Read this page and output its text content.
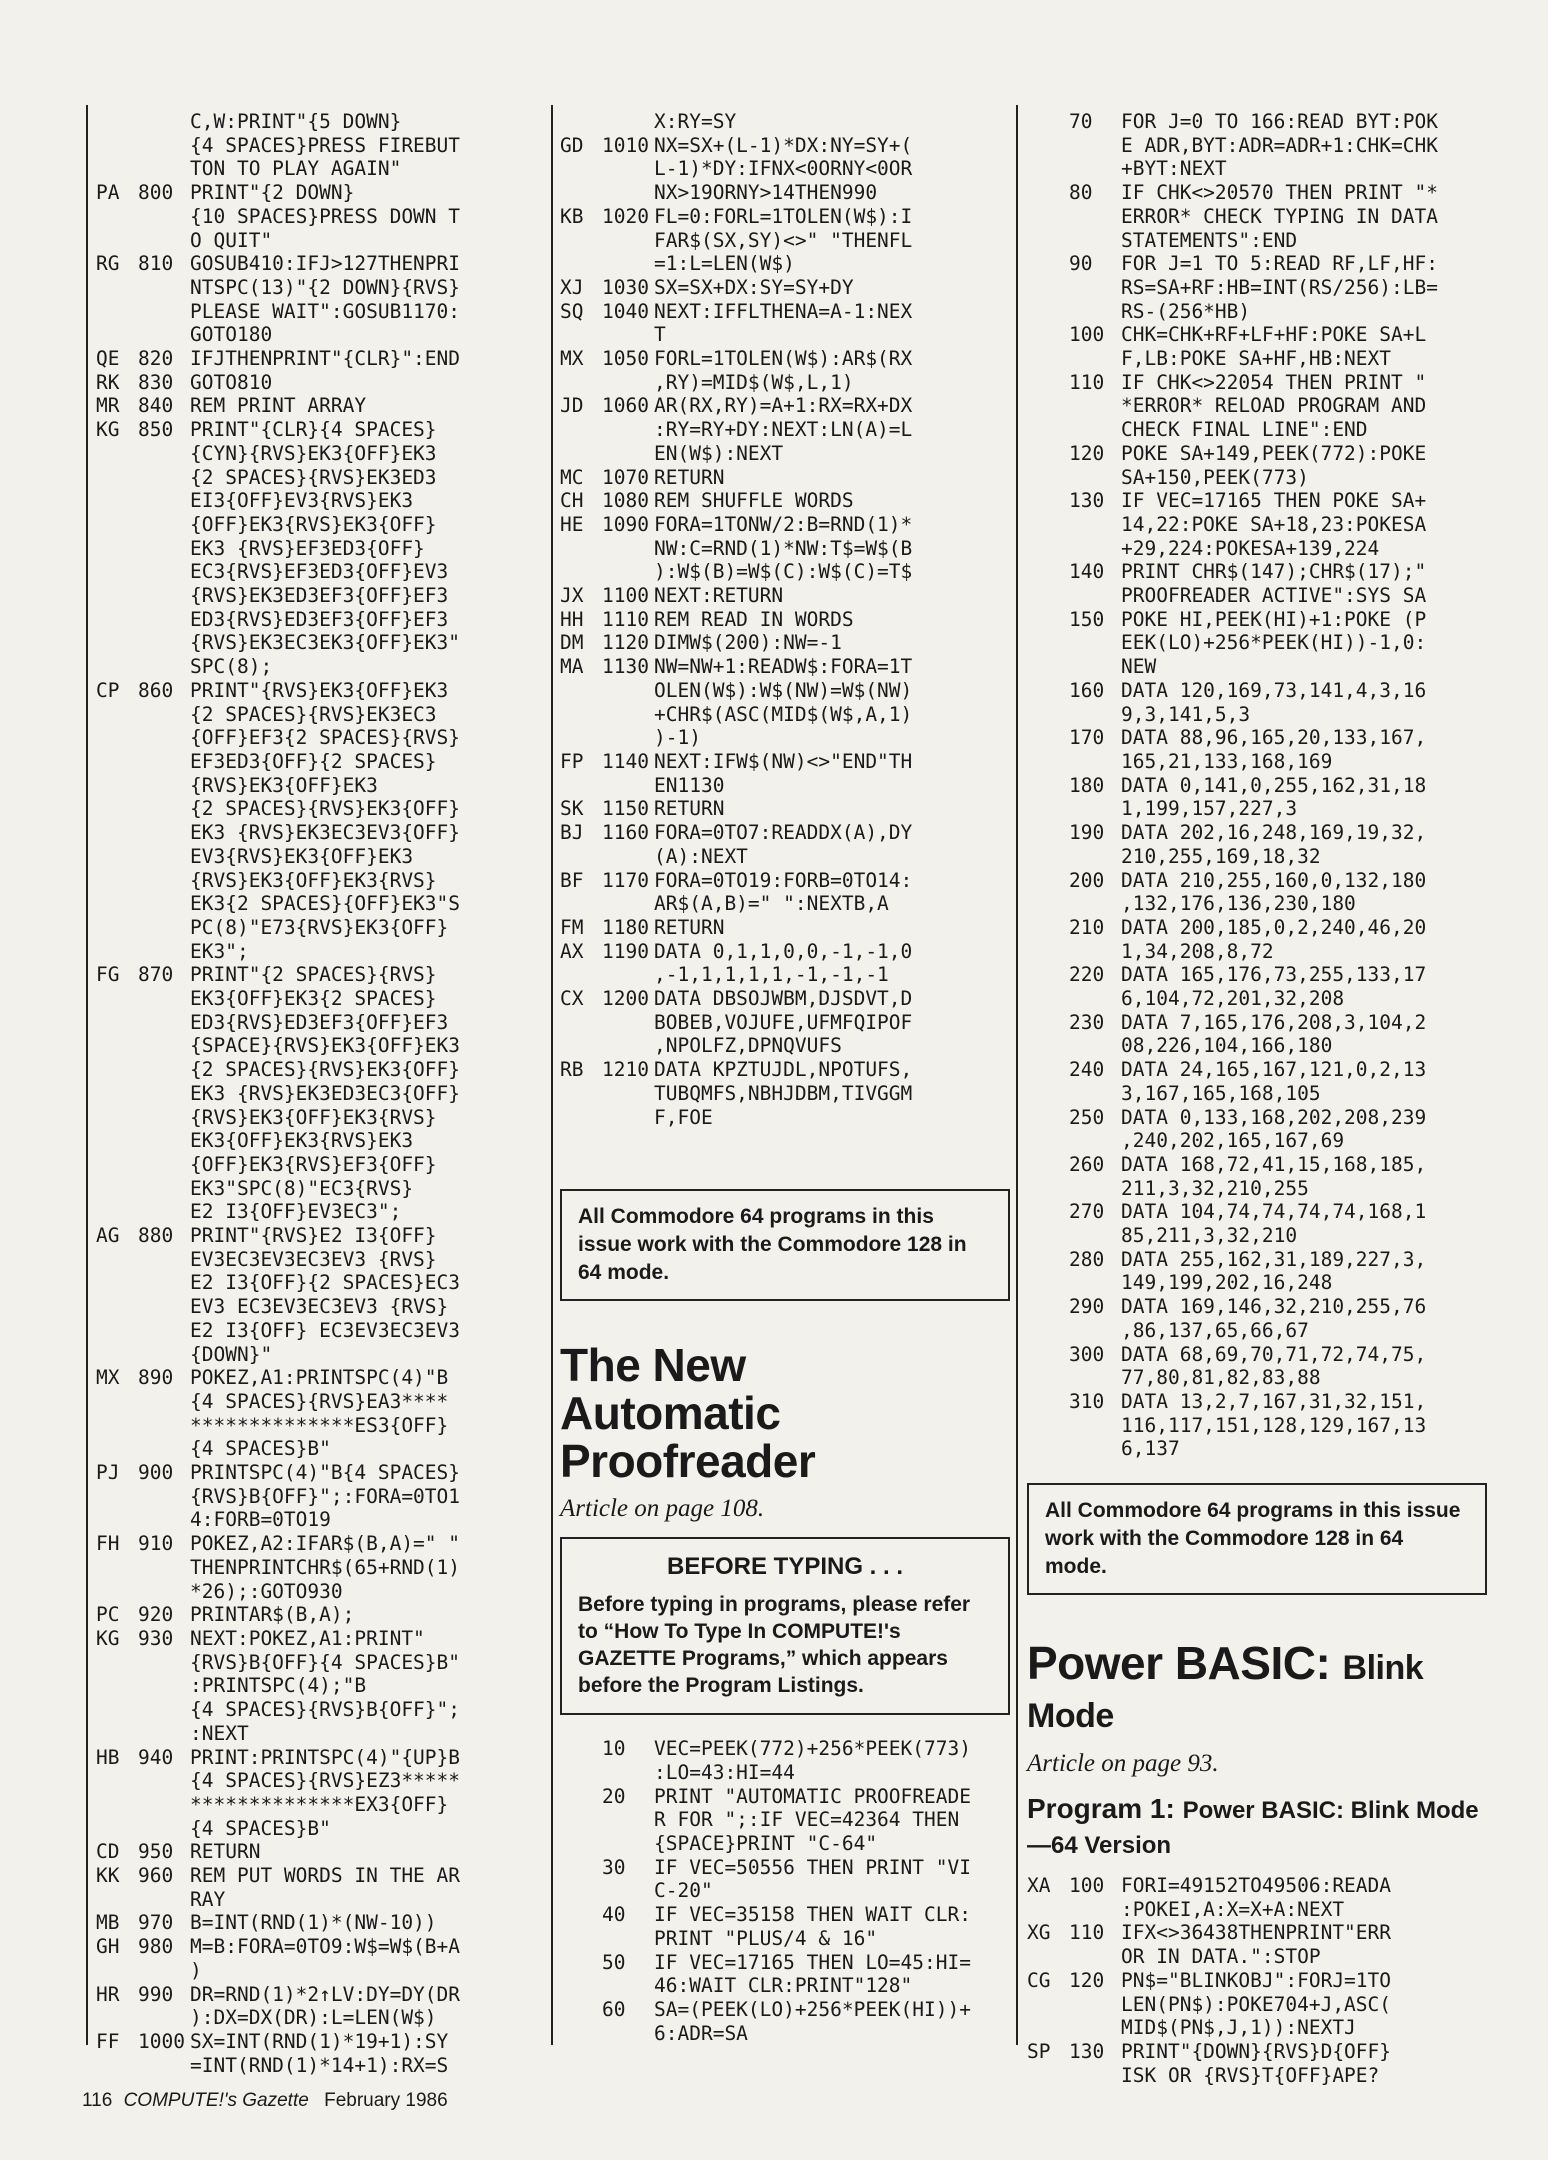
C,W:PRINT"{5 DOWN}
{4 SPACES}PRESS FIREBUT
TON TO PLAY AGAIN"
PA 800 PRINT"{2 DOWN}
{10 SPACES}PRESS DOWN T
O QUIT"
RG 810 GOSUB410:IFJ>127THENPRI
NTSPC(13)"{2 DOWN}{RVS}
PLEASE WAIT":GOSUB1170:
GOTO180
QE 820 IFJTHENPRINT"{CLR}":END
RK 830 GOTO810
MR 840 REM PRINT ARRAY
KG 850 PRINT"{CLR}{4 SPACES}
{CYN}{RVS}EK3{OFF}EK3
{2 SPACES}{RVS}EK3ED3
EI3{OFF}EV3{RVS}EK3
{OFF}EK3{RVS}EK3{OFF}
EK3 {RVS}EF3ED3{OFF}
EC3{RVS}EF3ED3{OFF}EV3
{RVS}EK3ED3EF3{OFF}EF3
ED3{RVS}ED3EF3{OFF}EF3
{RVS}EK3EC3EK3{OFF}EK3"
SPC(8);
CP 860 PRINT"{RVS}EK3{OFF}EK3
{2 SPACES}{RVS}EK3EC3
{OFF}EF3{2 SPACES}{RVS}
EF3ED3{OFF}{2 SPACES}
{RVS}EK3{OFF}EK3
{2 SPACES}{RVS}EK3{OFF}
EK3 {RVS}EK3EC3EV3{OFF}
EV3{RVS}EK3{OFF}EK3
{RVS}EK3{OFF}EK3{RVS}
EK3{2 SPACES}{OFF}EK3"S
PC(8)"E73{RVS}EK3{OFF}
EK3";
FG 870 PRINT"{2 SPACES}{RVS}
EK3{OFF}EK3{2 SPACES}
ED3{RVS}ED3EF3{OFF}EF3
{SPACE}{RVS}EK3{OFF}EK3
{2 SPACES}{RVS}EK3{OFF}
EK3 {RVS}EK3ED3EC3{OFF}
{RVS}EK3{OFF}EK3{RVS}
EK3{OFF}EK3{RVS}EK3
{OFF}EK3{RVS}EF3{OFF}
EK3"SPC(8)"EC3{RVS}
E2 I3{OFF}EV3EC3";
AG 880 PRINT"{RVS}E2 I3{OFF}
EV3EC3EV3EC3EV3 {RVS}
E2 I3{OFF}{2 SPACES}EC3
EV3 EC3EV3EC3EV3 {RVS}
E2 I3{OFF} EC3EV3EC3EV3
{DOWN}"
MX 890 POKEZ,A1:PRINTSPC(4)"B
{4 SPACES}{RVS}EA3****
**************ES3{OFF}
{4 SPACES}B"
PJ 900 PRINTSPC(4)"B{4 SPACES}
{RVS}B{OFF}";:FORA=0TO1
4:FORB=0TO19
FH 910 POKEZ,A2:IFAR$(B,A)=" "
THENPRINTCHR$(65+RND(1)
*26);:GOTO930
PC 920 PRINTAR$(B,A);
KG 930 NEXT:POKEZ,A1:PRINT"
{RVS}B{OFF}{4 SPACES}B"
:PRINTSPC(4);"B
{4 SPACES}{RVS}B{OFF}";
:NEXT
HB 940 PRINT:PRINTSPC(4)"{UP}B
{4 SPACES}{RVS}EZ3*****
**************EX3{OFF}
{4 SPACES}B"
CD 950 RETURN
KK 960 REM PUT WORDS IN THE AR
RAY
MB 970 B=INT(RND(1)*(NW-10))
GH 980 M=B:FORA=0TO9:W$=W$(B+A
)
HR 990 DR=RND(1)*2↑LV:DY=DY(DR
):DX=DX(DR):L=LEN(W$)
FF 1000 SX=INT(RND(1)*19+1):SY
=INT(RND(1)*14+1):RX=S
X:RY=SY
GD 1010 NX=SX+(L-1)*DX:NY=SY+(
L-1)*DY:IFNX<0ORNY<0OR
NX>19ORNY>14THEN990
KB 1020 FL=0:FORL=1TOLEN(W$):I
FAR$(SX,SY)<>" "THENFL
=1:L=LEN(W$)
XJ 1030 SX=SX+DX:SY=SY+DY
SQ 1040 NEXT:IFFLTHENA=A-1:NEX
T
MX 1050 FORL=1TOLEN(W$):AR$(RX
,RY)=MID$(W$,L,1)
JD 1060 AR(RX,RY)=A+1:RX=RX+DX
:RY=RY+DY:NEXT:LN(A)=L
EN(W$):NEXT
MC 1070 RETURN
CH 1080 REM SHUFFLE WORDS
HE 1090 FORA=1TONW/2:B=RND(1)*
NW:C=RND(1)*NW:T$=W$(B
):W$(B)=W$(C):W$(C)=T$
JX 1100 NEXT:RETURN
HH 1110 REM READ IN WORDS
DM 1120 DIMW$(200):NW=-1
MA 1130 NW=NW+1:READW$:FORA=1T
OLEN(W$):W$(NW)=W$(NW)
+CHR$(ASC(MID$(W$,A,1)
)-1)
FP 1140 NEXT:IFW$(NW)<>"END"TH
EN1130
SK 1150 RETURN
BJ 1160 FORA=0TO7:READDX(A),DY
(A):NEXT
BF 1170 FORA=0TO19:FORB=0TO14:
AR$(A,B)=" ":NEXTB,A
FM 1180 RETURN
AX 1190 DATA 0,1,1,0,0,-1,-1,0
,-1,1,1,1,1,-1,-1,-1
CX 1200 DATA DBSOJWBM,DJSDVT,D
BOBEB,VOJUFE,UFMFQIPOF
,NPOLFZ,DPNQVUFS
RB 1210 DATA KPZTUJDL,NPOTUFS,
TUBQMFS,NBHJDBM,TIVGGM
F,FOE
All Commodore 64 programs in this issue work with the Commodore 128 in 64 mode.
The New
Automatic
Proofreader
Article on page 108.
BEFORE TYPING . . .
Before typing in programs, please refer to “How To Type In COMPUTE!'s GAZETTE Programs,” which appears before the Program Listings.
10	VEC=PEEK(772)+256*PEEK(773)
:LO=43:HI=44
20	PRINT "AUTOMATIC PROOFREADE
R FOR ";:IF VEC=42364 THEN
{SPACE}PRINT "C-64"
30	IF VEC=50556 THEN PRINT "VI
C-20"
40	IF VEC=35158 THEN WAIT CLR:
PRINT "PLUS/4 & 16"
50	IF VEC=17165 THEN LO=45:HI=
46:WAIT CLR:PRINT"128"
60	SA=(PEEK(LO)+256*PEEK(HI))+
6:ADR=SA
70	FOR J=0 TO 166:READ BYT:POK
E ADR,BYT:ADR=ADR+1:CHK=CHK
+BYT:NEXT
80	IF CHK<>20570 THEN PRINT "*
ERROR* CHECK TYPING IN DATA
STATEMENTS":END
90	FOR J=1 TO 5:READ RF,LF,HF:
RS=SA+RF:HB=INT(RS/256):LB=
RS-(256*HB)
100 CHK=CHK+RF+LF+HF:POKE SA+L
F,LB:POKE SA+HF,HB:NEXT
110 IF CHK<>22054 THEN PRINT "
*ERROR* RELOAD PROGRAM AND
CHECK FINAL LINE":END
120 POKE SA+149,PEEK(772):POKE
SA+150,PEEK(773)
130 IF VEC=17165 THEN POKE SA+
14,22:POKE SA+18,23:POKESA
+29,224:POKESA+139,224
140 PRINT CHR$(147);CHR$(17);"
PROOFREADER ACTIVE":SYS SA
150 POKE HI,PEEK(HI)+1:POKE (P
EEK(LO)+256*PEEK(HI))-1,0:
NEW
160 DATA 120,169,73,141,4,3,16
9,3,141,5,3
170 DATA 88,96,165,20,133,167,
165,21,133,168,169
180 DATA 0,141,0,255,162,31,18
1,199,157,227,3
190 DATA 202,16,248,169,19,32,
210,255,169,18,32
200 DATA 210,255,160,0,132,180
,132,176,136,230,180
210 DATA 200,185,0,2,240,46,20
1,34,208,8,72
220 DATA 165,176,73,255,133,17
6,104,72,201,32,208
230 DATA 7,165,176,208,3,104,2
08,226,104,166,180
240 DATA 24,165,167,121,0,2,13
3,167,165,168,105
250 DATA 0,133,168,202,208,239
,240,202,165,167,69
260 DATA 168,72,41,15,168,185,
211,3,32,210,255
270 DATA 104,74,74,74,74,168,1
85,211,3,32,210
280 DATA 255,162,31,189,227,3,
149,199,202,16,248
290 DATA 169,146,32,210,255,76
,86,137,65,66,67
300 DATA 68,69,70,71,72,74,75,
77,80,81,82,83,88
310 DATA 13,2,7,167,31,32,151,
116,117,151,128,129,167,13
6,137
All Commodore 64 programs in this issue work with the Commodore 128 in 64 mode.
Power BASIC: Blink
Mode
Article on page 93.
Program 1: Power BASIC: Blink Mode—64 Version
XA 100 FORI=49152TO49506:READA
:POKEI,A:X=X+A:NEXT
XG 110 IFX<>36438THENPRINT"ERR
OR IN DATA.":STOP
CG 120 PN$="BLINKOBJ":FORJ=1TO
LEN(PN$):POKE704+J,ASC(
MID$(PN$,J,1)):NEXTJ
SP 130 PRINT"{DOWN}{RVS}D{OFF}
ISK OR {RVS}T{OFF}APE?
116 COMPUTE!'s Gazette February 1986
